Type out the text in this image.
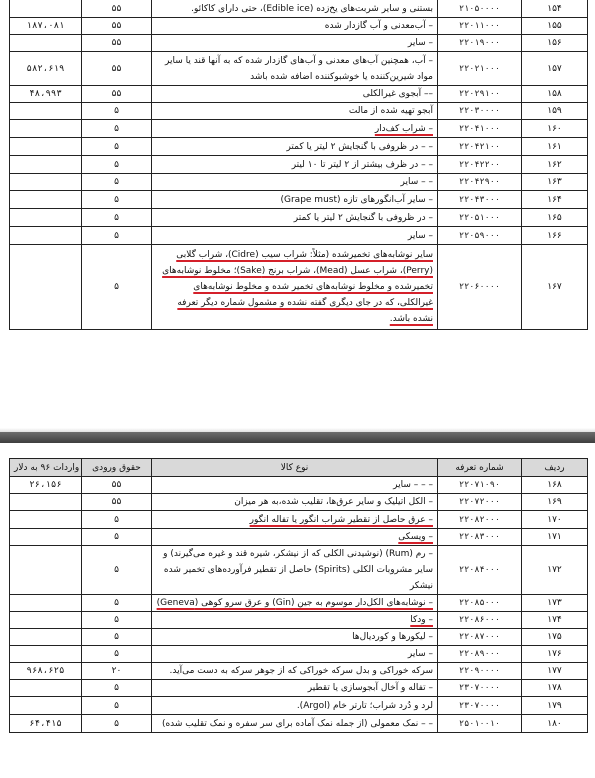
	۵۵	بستنی و سایر شربت‌های یخ‌زده (Edible ice)، حتی دارای کاکائو.	۲۱۰۵۰۰۰۰	۱۵۴
۱۸۷،۰۸۱	۵۵	– آب‌معدنی و آب گازدار شده	۲۲۰۱۱۰۰۰	۱۵۵
	۵۵	– سایر	۲۲۰۱۹۰۰۰	۱۵۶
۵۸۲،۶۱۹	۵۵	– آب، همچنین آب‌های معدنی و آب‌های گازدار شده که به آنها قند یا سایر مواد شیرین‌کننده یا خوشبوکننده اضافه شده باشد	۲۲۰۲۱۰۰۰	۱۵۷
۴۸،۹۹۳	۵۵	–– آبجوی غیرالکلی	۲۲۰۲۹۱۰۰	۱۵۸
	۵	آبجو تهیه شده از مالت	۲۲۰۳۰۰۰۰	۱۵۹
	۵	– شراب کف‌دار	۲۲۰۴۱۰۰۰	۱۶۰
	۵	– – در ظروفی با گنجایش ۲ لیتر یا کمتر	۲۲۰۴۲۱۰۰	۱۶۱
	۵	– – در ظرف بیشتر از ۲ لیتر تا ۱۰ لیتر	۲۲۰۴۲۲۰۰	۱۶۲
	۵	– – سایر	۲۲۰۴۲۹۰۰	۱۶۳
	۵	– سایر آب‌انگورهای تازه (Grape must)	۲۲۰۴۳۰۰۰	۱۶۴
	۵	– در ظروفی با گنجایش ۲ لیتر یا کمتر	۲۲۰۵۱۰۰۰	۱۶۵
	۵	– سایر	۲۲۰۵۹۰۰۰	۱۶۶
	۵	سایر نوشابه‌های تخمیرشده (مثلاً: شراب سیب (Cidre)، شراب گلابی (Perry)، شراب عسل (Mead)، شراب برنج (Sake)؛ مخلوط نوشابه‌های تخمیرشده و مخلوط نوشابه‌های تخمیر شده و مخلوط نوشابه‌های غیرالکلی، که در جای دیگری گفته نشده و مشمول شماره دیگر تعرفه نشده باشد.	۲۲۰۶۰۰۰۰	۱۶۷
واردات ۹۶ به دلار	حقوق ورودی	نوع کالا	شماره تعرفه	ردیف
۲۶،۱۵۶	۵۵	– – – سایر	۲۲۰۷۱۰۹۰	۱۶۸
	۵۵	– الکل اتیلیک و سایر عرق‌ها، تقلیب شده،به هر میزان	۲۲۰۷۲۰۰۰	۱۶۹
	۵	– عرق حاصل از تقطیر شراب انگور یا تفاله انگور	۲۲۰۸۲۰۰۰	۱۷۰
	۵	– ویسکی	۲۲۰۸۳۰۰۰	۱۷۱
	۵	– رم (Rum) (نوشیدنی الکلی که از نیشکر، شیره قند و غیره می‌گیرند) و سایر مشروبات الکلی (Spirits) حاصل از تقطیر فرآورده‌های تخمیر شده نیشکر	۲۲۰۸۴۰۰۰	۱۷۲
	۵	– نوشابه‌های الکل‌دار موسوم به جین (Gin) و عرق سرو کوهی (Geneva)	۲۲۰۸۵۰۰۰	۱۷۳
	۵	– ودکا	۲۲۰۸۶۰۰۰	۱۷۴
	۵	– لیکورها و کوردیال‌ها	۲۲۰۸۷۰۰۰	۱۷۵
	۵	– سایر	۲۲۰۸۹۰۰۰	۱۷۶
۹۶۸،۶۲۵	۲۰	سرکه خوراکی و بدل سرکه خوراکی که از جوهر سرکه به دست می‌آید.	۲۲۰۹۰۰۰۰	۱۷۷
	۵	– تفاله و آخال آبجوسازی یا تقطیر	۲۳۰۷۰۰۰۰	۱۷۸
	۵	لرد و دُرد شراب؛ تارتر خام (Argol).	۲۳۰۷۰۰۰۰	۱۷۹
۶۴،۴۱۵	۵	– – نمک معمولی (از جمله نمک آماده برای سر سفره و نمک تقلیب شده)	۲۵۰۱۰۰۱۰	۱۸۰
